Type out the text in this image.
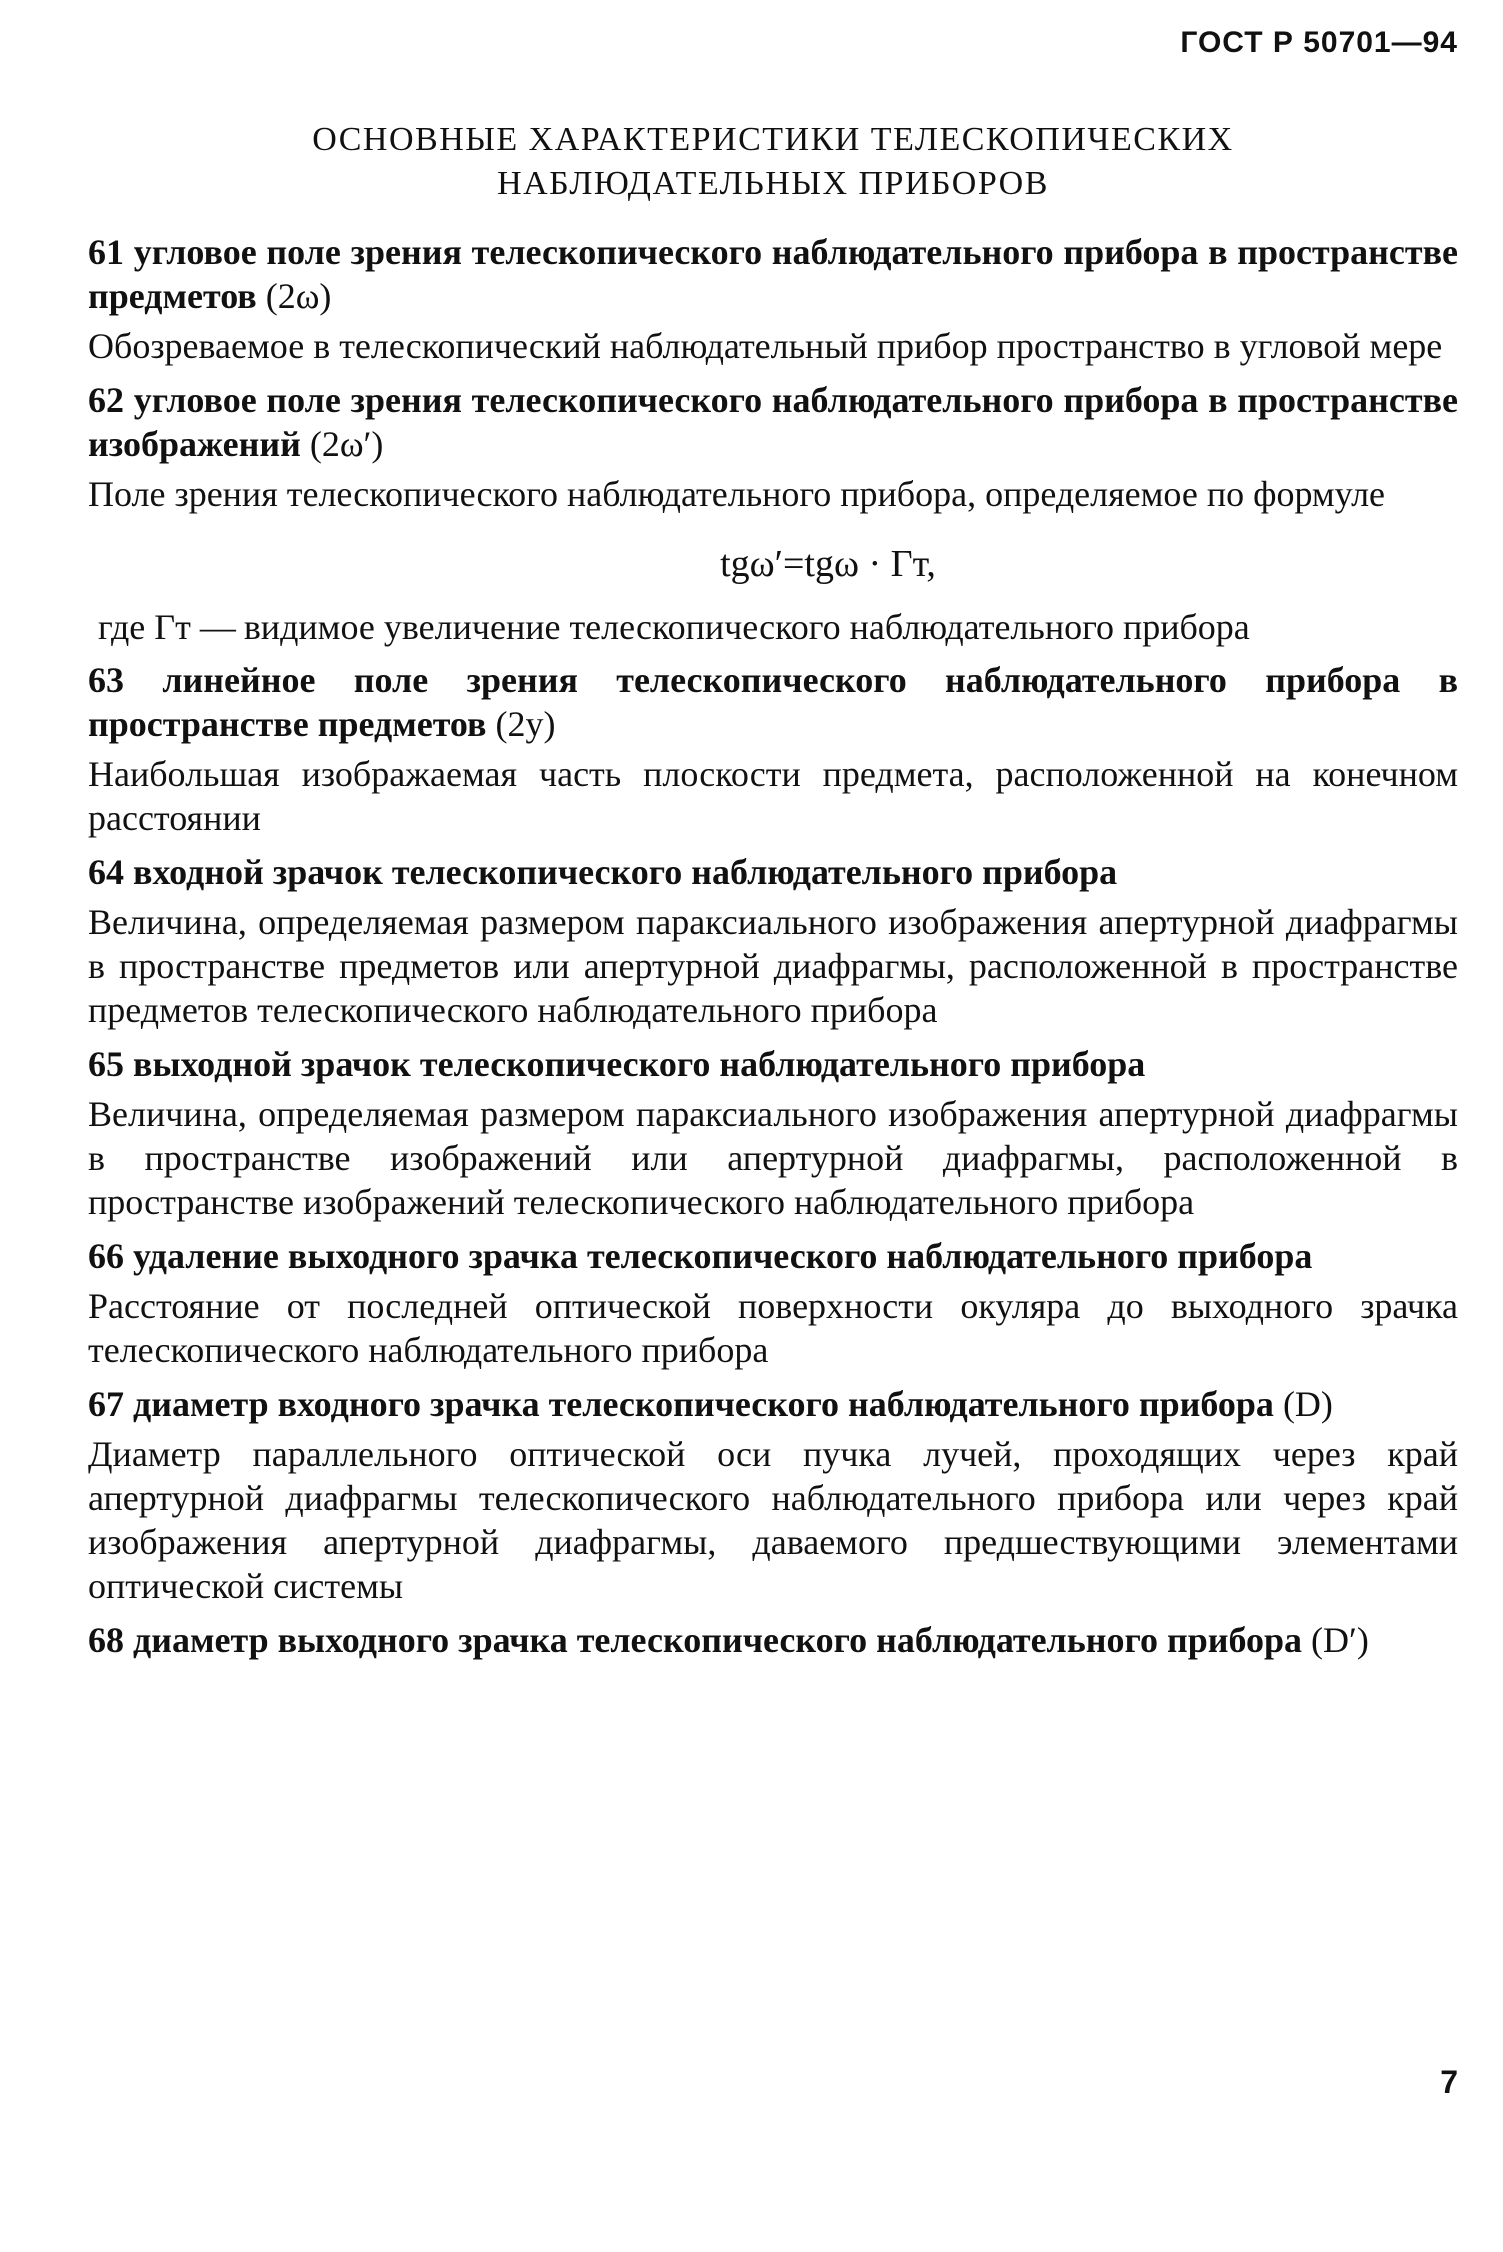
ГОСТ Р 50701—94
ОСНОВНЫЕ ХАРАКТЕРИСТИКИ ТЕЛЕСКОПИЧЕСКИХ
НАБЛЮДАТЕЛЬНЫХ ПРИБОРОВ

61 угловое поле зрения телескопического наблюдательного прибора в пространстве предметов (2ω)

Обозреваемое в телескопический наблюдательный прибор пространство в угловой мере

62 угловое поле зрения телескопического наблюдательного прибора в пространстве изображений (2ω′)

Поле зрения телескопического наблюдательного прибора, определяемое по формуле

tgω′=tgω · Гт,
где Гт — видимое увеличение телескопического наблюдательного прибора

63 линейное поле зрения телескопического наблюдательного прибора в пространстве предметов (2y)

Наибольшая изображаемая часть плоскости предмета, расположенной на конечном расстоянии

64 входной зрачок телескопического наблюдательного прибора

Величина, определяемая размером параксиального изображения апертурной диафрагмы в пространстве предметов или апертурной диафрагмы, расположенной в пространстве предметов телескопического наблюдательного прибора

65 выходной зрачок телескопического наблюдательного прибора

Величина, определяемая размером параксиального изображения апертурной диафрагмы в пространстве изображений или апертурной диафрагмы, расположенной в пространстве изображений телескопического наблюдательного прибора

66 удаление выходного зрачка телескопического наблюдательного прибора

Расстояние от последней оптической поверхности окуляра до выходного зрачка телескопического наблюдательного прибора

67 диаметр входного зрачка телескопического наблюдательного прибора (D)

Диаметр параллельного оптической оси пучка лучей, проходящих через край апертурной диафрагмы телескопического наблюдательного прибора или через край изображения апертурной диафрагмы, даваемого предшествующими элементами оптической системы

68 диаметр выходного зрачка телескопического наблюдательного прибора (D′)

7
